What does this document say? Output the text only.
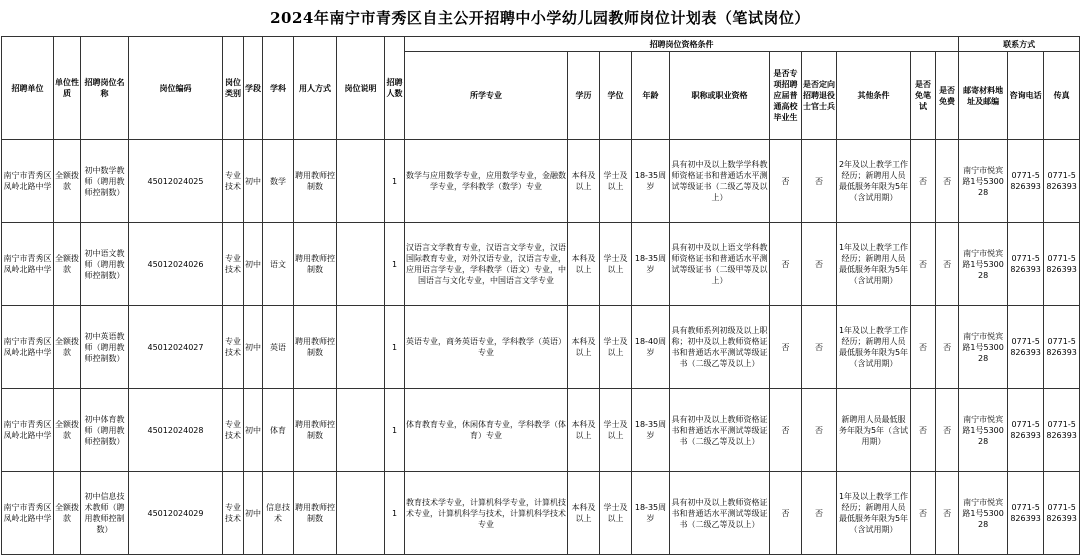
2024年南宁市青秀区自主公开招聘中小学幼儿园教师岗位计划表（笔试岗位）
招聘单位	单位性质	招聘岗位名称	岗位编码	岗位类别	学段	学科	用人方式	岗位说明	招聘人数	招聘岗位资格条件										联系方式		
										所学专业	学历	学位	年龄	职称或职业资格	是否专项招聘应届普通高校毕业生	是否定向招聘退役士官士兵	其他条件	是否免笔试	是否免费	邮寄材料地址及邮编	咨询电话	传真
南宁市青秀区凤岭北路中学	全额拨款	初中数学教师（聘用教师控制数）	45012024025	专业技术	初中	数学	聘用教师控制数		1	数学与应用数学专业，应用数学专业，金融数学专业，学科教学（数学）专业	本科及以上	学士及以上	18-35周岁	具有初中及以上数学学科教师资格证书和普通话水平测试等级证书（二级乙等及以上）	否	否	2年及以上教学工作经历；新聘用人员最低服务年限为5年（含试用期）	否	否	南宁市悦宾路1号530028	0771-5826393	0771-5826393
南宁市青秀区凤岭北路中学	全额拨款	初中语文教师（聘用教师控制数）	45012024026	专业技术	初中	语文	聘用教师控制数		1	汉语言文学教育专业，汉语言文学专业，汉语国际教育专业，对外汉语专业，汉语言专业，应用语言学专业，学科教学（语文）专业，中国语言与文化专业，中国语言文学专业	本科及以上	学士及以上	18-35周岁	具有初中及以上语文学科教师资格证书和普通话水平测试等级证书（二级甲等及以上）	否	否	1年及以上教学工作经历；新聘用人员最低服务年限为5年（含试用期）	否	否	南宁市悦宾路1号530028	0771-5826393	0771-5826393
南宁市青秀区凤岭北路中学	全额拨款	初中英语教师（聘用教师控制数）	45012024027	专业技术	初中	英语	聘用教师控制数		1	英语专业，商务英语专业，学科教学（英语）专业	本科及以上	学士及以上	18-40周岁	具有教师系列初级及以上职称；初中及以上教师资格证书和普通话水平测试等级证书（二级乙等及以上）	否	否	1年及以上教学工作经历；新聘用人员最低服务年限为5年（含试用期）	否	否	南宁市悦宾路1号530028	0771-5826393	0771-5826393
南宁市青秀区凤岭北路中学	全额拨款	初中体育教师（聘用教师控制数）	45012024028	专业技术	初中	体育	聘用教师控制数		1	体育教育专业，休闲体育专业，学科教学（体育）专业	本科及以上	学士及以上	18-35周岁	具有初中及以上教师资格证书和普通话水平测试等级证书（二级乙等及以上）	否	否	新聘用人员最低服务年限为5年（含试用期）	否	否	南宁市悦宾路1号530028	0771-5826393	0771-5826393
南宁市青秀区凤岭北路中学	全额拨款	初中信息技术教师（聘用教师控制数）	45012024029	专业技术	初中	信息技术	聘用教师控制数		1	教育技术学专业，计算机科学专业，计算机技术专业，计算机科学与技术，计算机科学技术专业	本科及以上	学士及以上	18-35周岁	具有初中及以上教师资格证书和普通话水平测试等级证书（二级乙等及以上）	否	否	1年及以上教学工作经历；新聘用人员最低服务年限为5年（含试用期）	否	否	南宁市悦宾路1号530028	0771-5826393	0771-5826393
